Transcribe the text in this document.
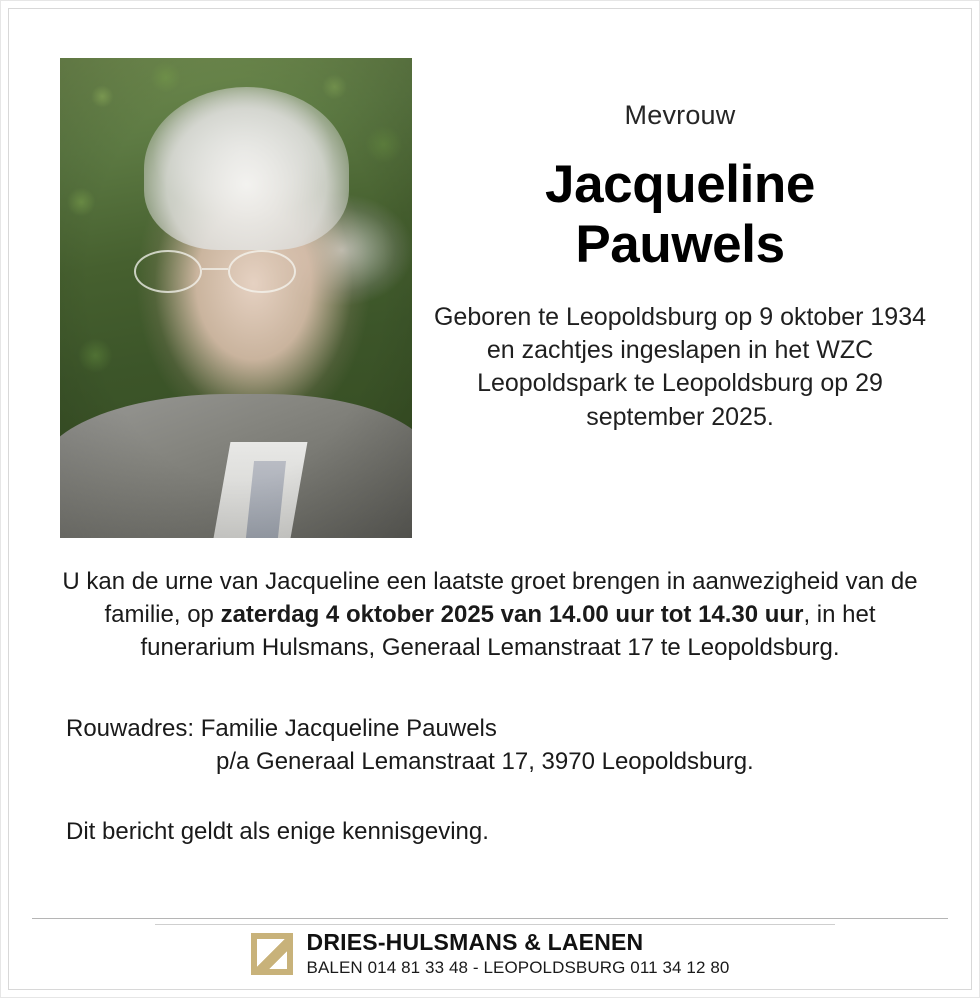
Mevrouw
Jacqueline
Pauwels
Geboren te Leopoldsburg op 9 oktober 1934 en zachtjes ingeslapen in het WZC Leopoldspark te Leopoldsburg op 29 september 2025.

U kan de urne van Jacqueline een laatste groet brengen in aanwezigheid van de familie, op zaterdag 4 oktober 2025 van 14.00 uur tot 14.30 uur, in het funerarium Hulsmans, Generaal Lemanstraat 17 te Leopoldsburg.

Rouwadres: Familie Jacqueline Pauwels
p/a Generaal Lemanstraat 17, 3970 Leopoldsburg.

Dit bericht geldt als enige kennisgeving.

DRIES-HULSMANS & LAENEN
BALEN 014 81 33 48 - LEOPOLDSBURG 011 34 12 80
